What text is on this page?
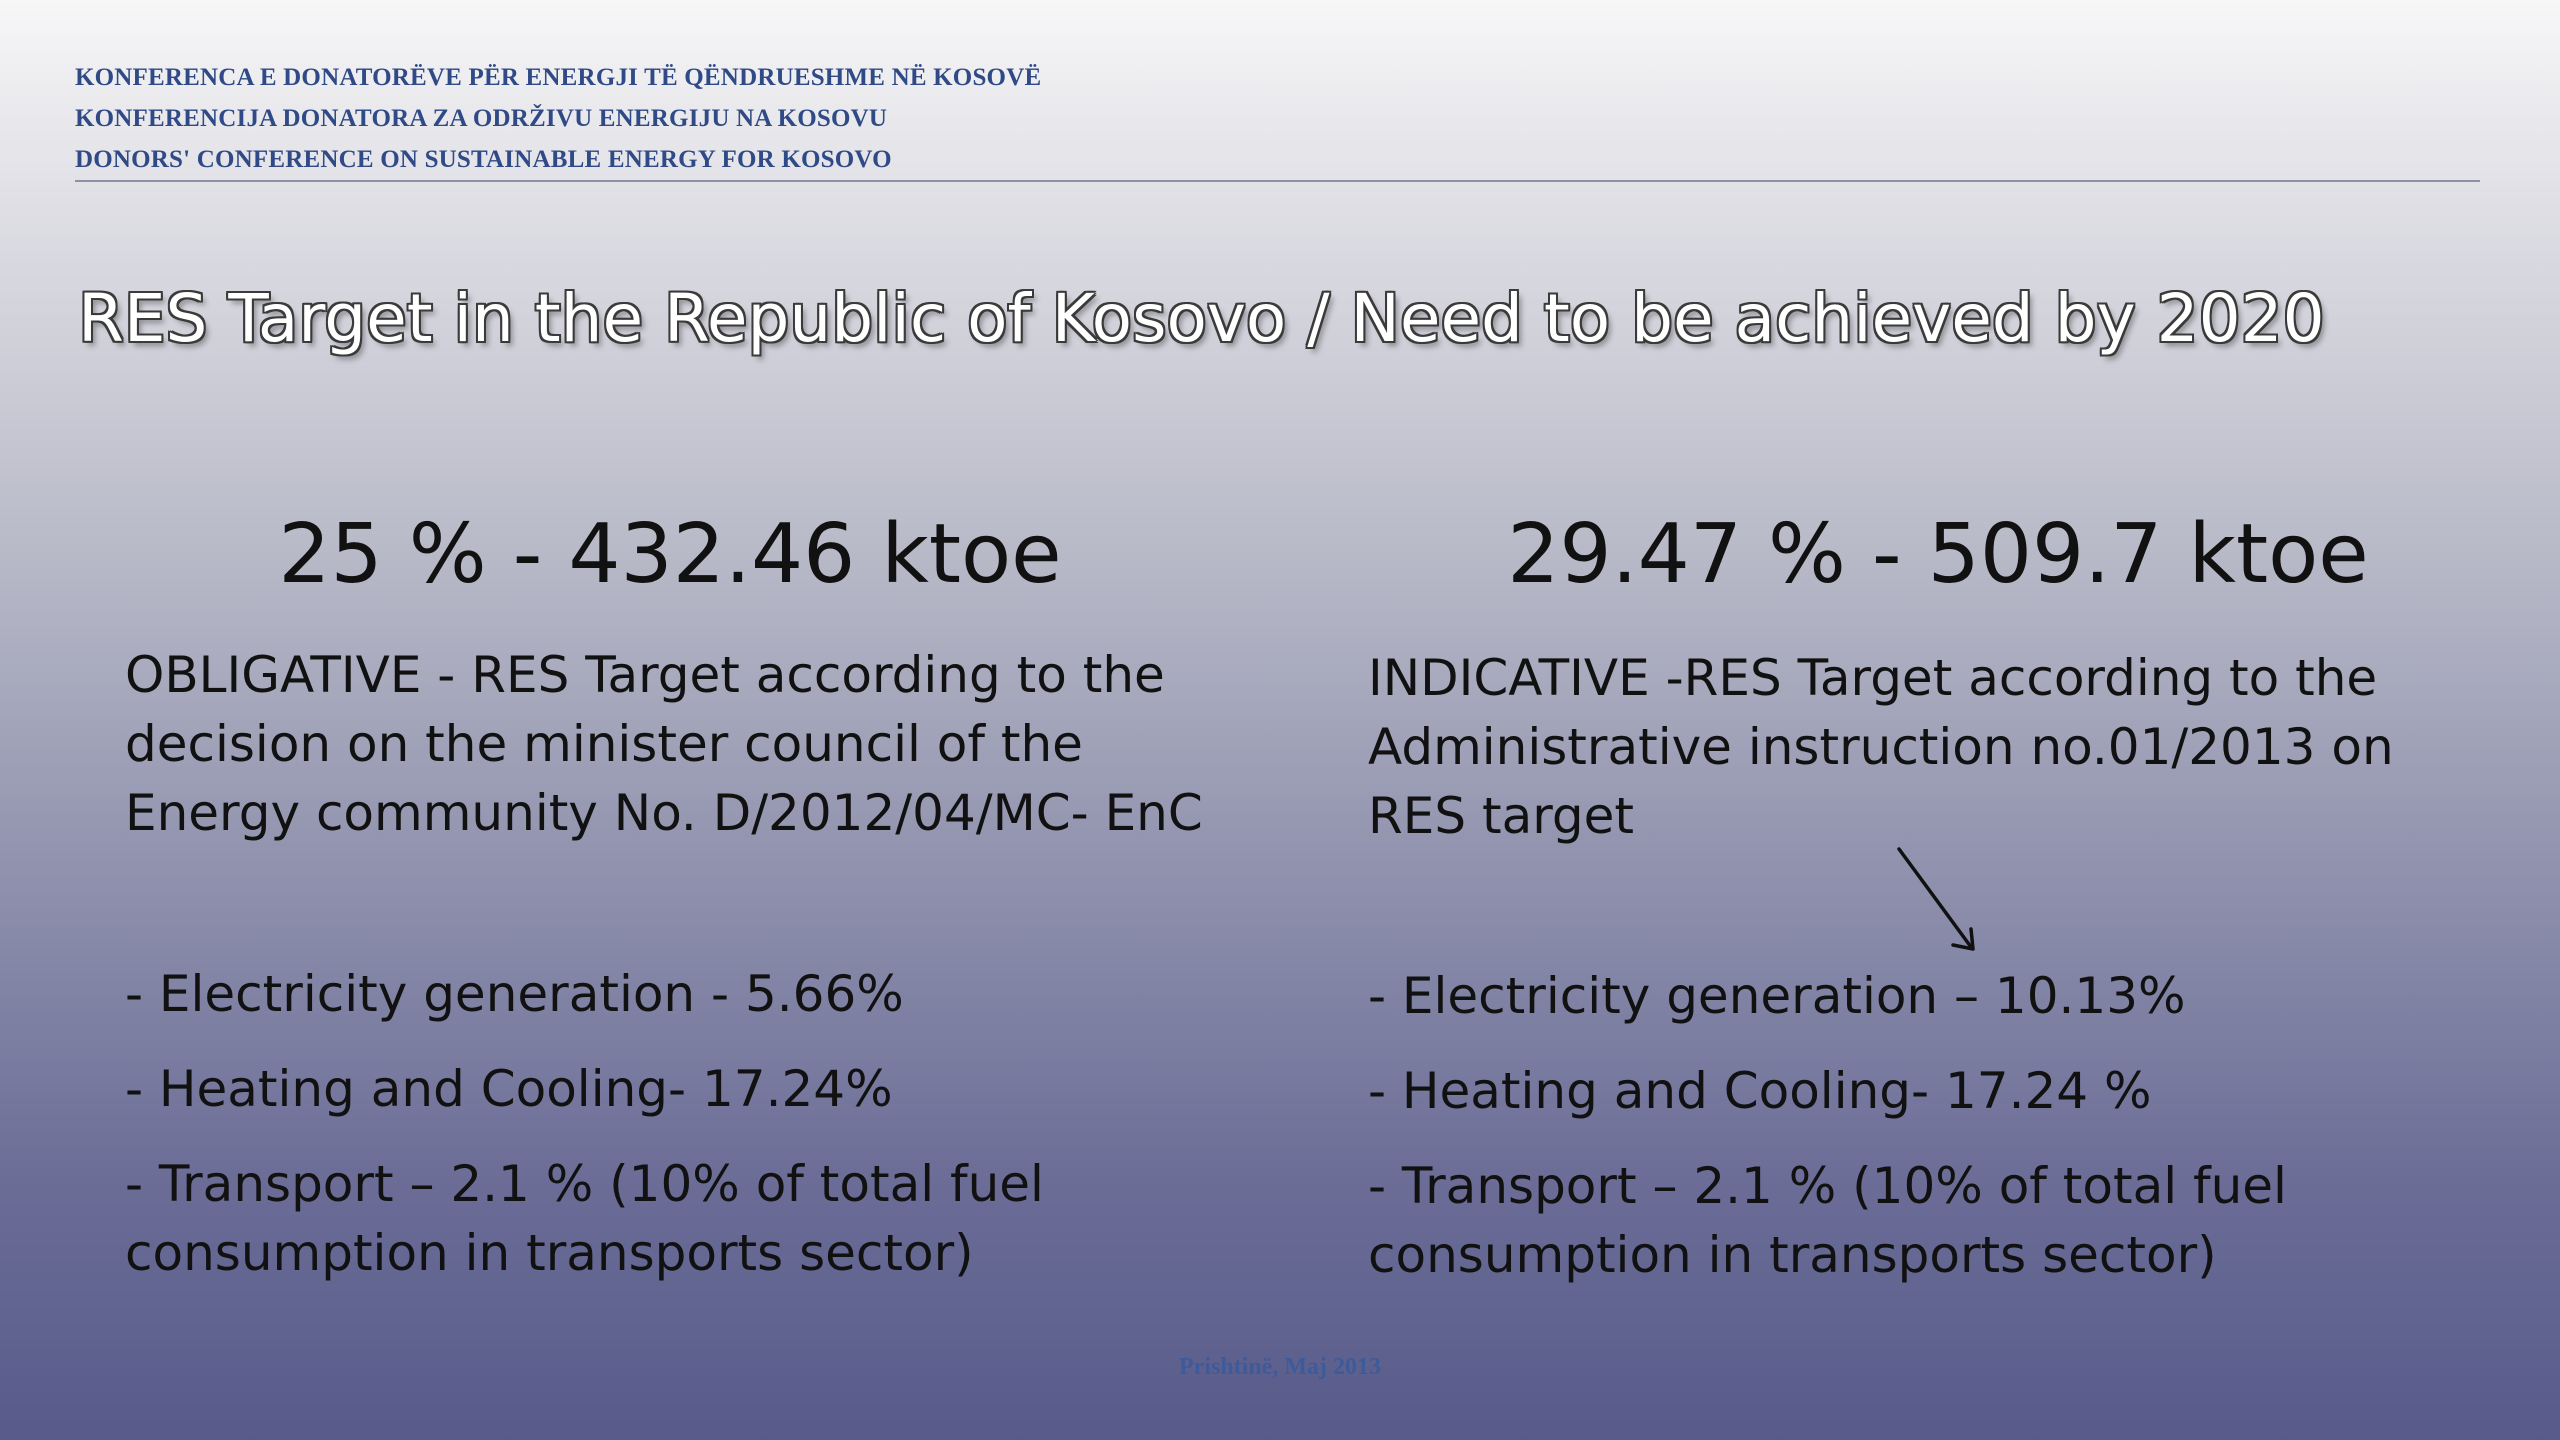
KONFERENCA E DONATORËVE PËR ENERGJI TË QËNDRUESHME NË KOSOVË
KONFERENCIJA DONATORA ZA ODRŽIVU ENERGIJU NA KOSOVU
DONORS' CONFERENCE ON SUSTAINABLE ENERGY FOR KOSOVO
RES Target in the Republic of Kosovo / Need to be achieved by 2020
25 % - 432.46 ktoe
OBLIGATIVE - RES Target according to the
decision on the minister council of the
Energy community No. D/2012/04/MC- EnC
- Electricity generation - 5.66%
- Heating and Cooling- 17.24%
- Transport – 2.1 % (10% of total fuel
consumption in transports sector)
29.47 % - 509.7 ktoe
INDICATIVE -RES Target according to the
Administrative instruction no.01/2013 on
RES target
- Electricity generation – 10.13%
- Heating and Cooling- 17.24 %
- Transport – 2.1 % (10% of total fuel
consumption in transports sector)
Prishtinë, Maj 2013
